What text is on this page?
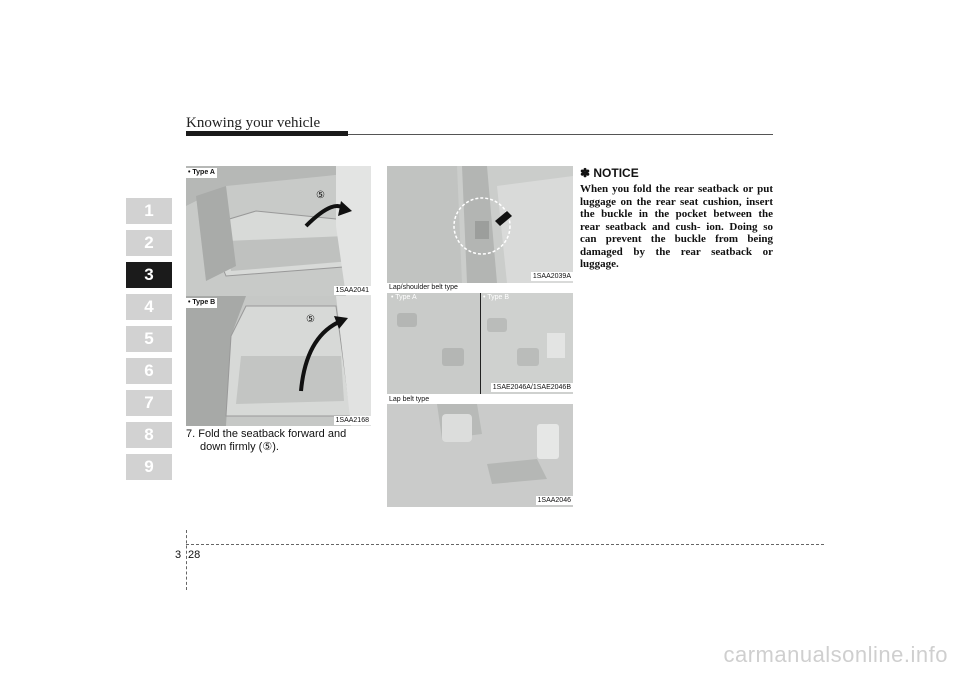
Knowing your vehicle
1
2
3
4
5
6
7
8
9
• Type A
⑤
1SAA2041
• Type B
⑤
1SAA2168
7. Fold the seatback forward and
down firmly (⑤).
1SAA2039A
Lap/shoulder belt type
• Type A	• Type B
1SAE2046A/1SAE2046B
Lap belt type
1SAA2046
✽ NOTICE
When you fold the rear seatback or put luggage on the rear seat cushion, insert the buckle in the pocket between the rear seatback and cush- ion. Doing so can prevent the buckle from being damaged by the rear seatback or luggage.
3 28
carmanualsonline.info
